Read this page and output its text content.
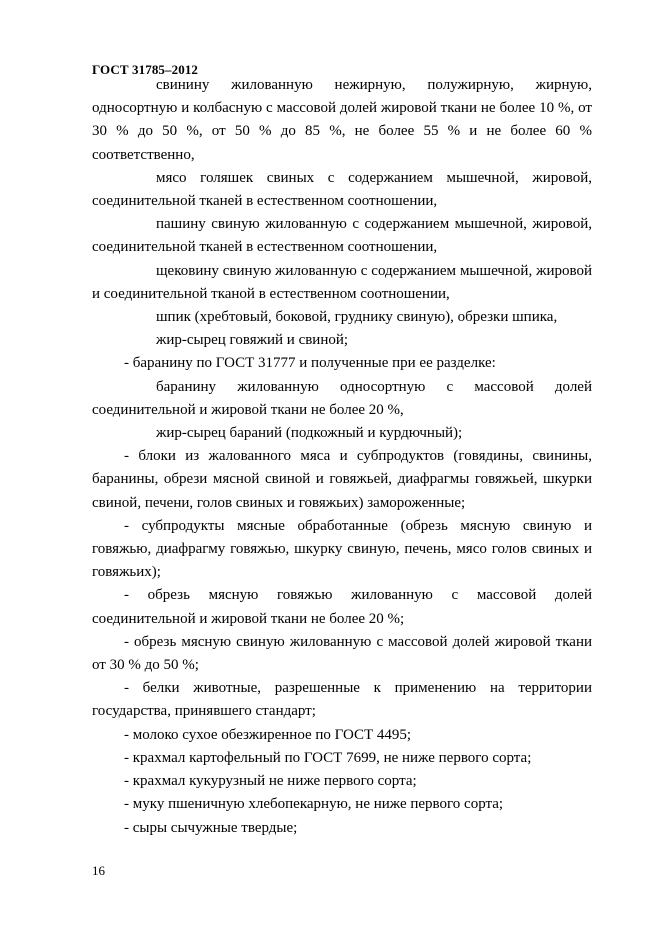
ГОСТ 31785–2012

свинину жилованную нежирную, полужирную, жирную, односортную и колбасную с массовой долей жировой ткани не более 10 %, от 30 % до 50 %, от 50 % до 85 %, не более 55 % и не более 60 % соответственно,

мясо голяшек свиных с содержанием мышечной, жировой, соединительной тканей в естественном соотношении,

пашину свиную жилованную с содержанием мышечной, жировой, соединительной тканей в естественном соотношении,

щековину свиную жилованную с содержанием мышечной, жировой и соединительной тканой в естественном соотношении,

шпик (хребтовый, боковой, груднику свиную), обрезки шпика,

жир-сырец говяжий и свиной;

- баранину по ГОСТ 31777 и полученные при ее разделке:

баранину жилованную односортную с массовой долей соединительной и жировой ткани не более 20 %,

жир-сырец бараний (подкожный и курдючный);

- блоки из жалованного мяса и субпродуктов (говядины, свинины, баранины, обрези мясной свиной и говяжьей, диафрагмы говяжьей, шкурки свиной, печени, голов свиных и говяжьих) замороженные;

- субпродукты мясные обработанные (обрезь мясную свиную и говяжью, диафрагму говяжью, шкурку свиную, печень, мясо голов свиных и говяжьих);

- обрезь мясную говяжью жилованную с массовой долей соединительной и жировой ткани не более 20 %;

- обрезь мясную свиную жилованную с массовой долей жировой ткани от 30 % до 50 %;

- белки животные, разрешенные к применению на территории государства, принявшего стандарт;

- молоко сухое обезжиренное по ГОСТ 4495;

- крахмал картофельный по ГОСТ 7699, не ниже первого сорта;

- крахмал кукурузный не ниже первого сорта;

- муку пшеничную хлебопекарную, не ниже первого сорта;

- сыры сычужные твердые;

16
